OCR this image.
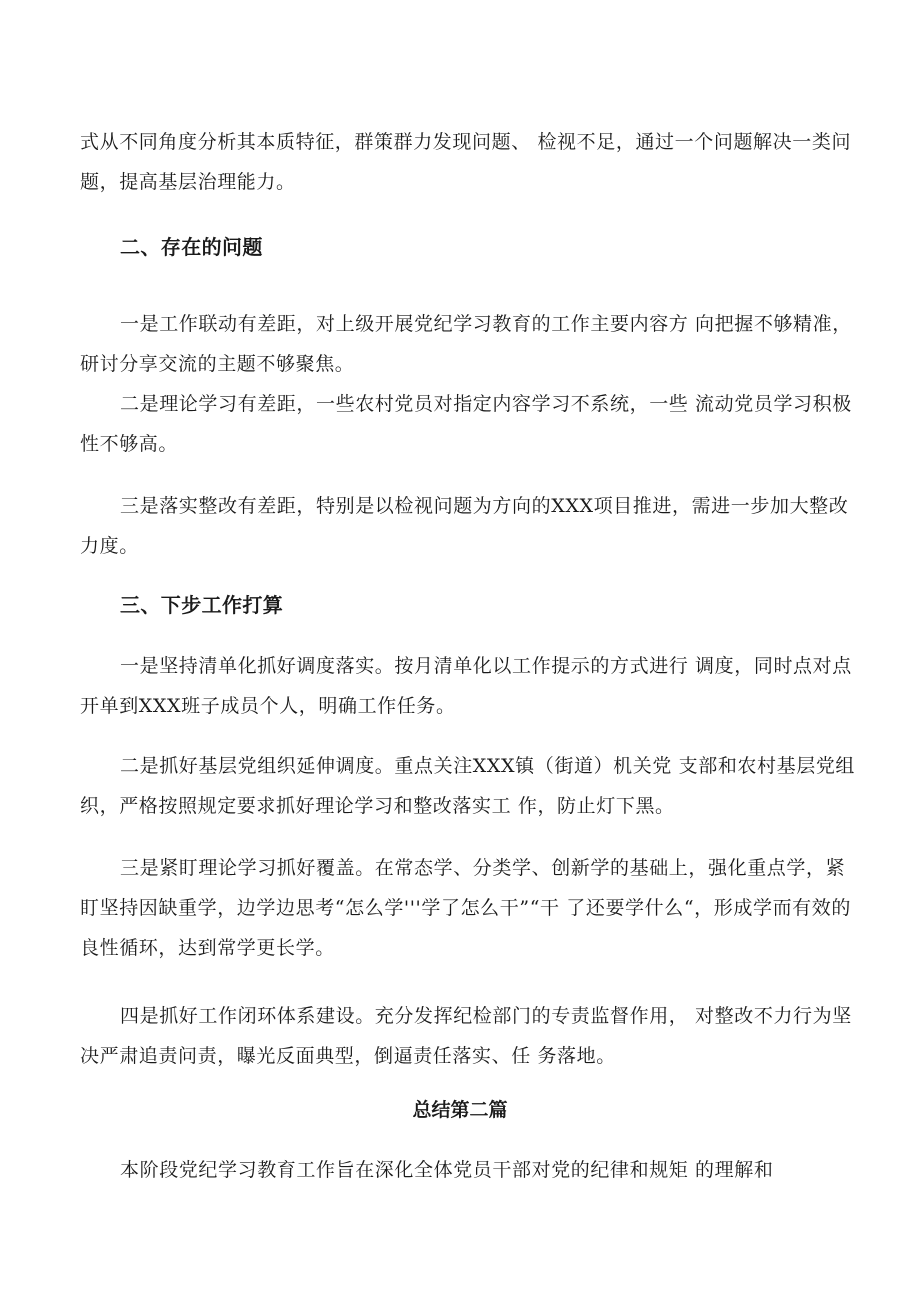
式从不同角度分析其本质特征，群策群力发现问题、 检视不足，通过一个问题解决一类问题，提高基层治理能力。

二、存在的问题

一是工作联动有差距，对上级开展党纪学习教育的工作主要内容方 向把握不够精准，研讨分享交流的主题不够聚焦。

二是理论学习有差距，一些农村党员对指定内容学习不系统，一些 流动党员学习积极性不够高。

三是落实整改有差距，特别是以检视问题为方向的XXX项目推进，需进一步加大整改力度。

三、下步工作打算

一是坚持清单化抓好调度落实。按月清单化以工作提示的方式进行 调度，同时点对点开单到XXX班子成员个人，明确工作任务。

二是抓好基层党组织延伸调度。重点关注XXX镇（街道）机关党 支部和农村基层党组织，严格按照规定要求抓好理论学习和整改落实工 作，防止灯下黑。

三是紧盯理论学习抓好覆盖。在常态学、分类学、创新学的基础上，强化重点学，紧盯坚持因缺重学，边学边思考“怎么学'''学了怎么干”“干 了还要学什么“，形成学而有效的良性循环，达到常学更长学。

四是抓好工作闭环体系建设。充分发挥纪检部门的专责监督作用， 对整改不力行为坚决严肃追责问责，曝光反面典型，倒逼责任落实、任 务落地。

总结第二篇

本阶段党纪学习教育工作旨在深化全体党员干部对党的纪律和规矩 的理解和
